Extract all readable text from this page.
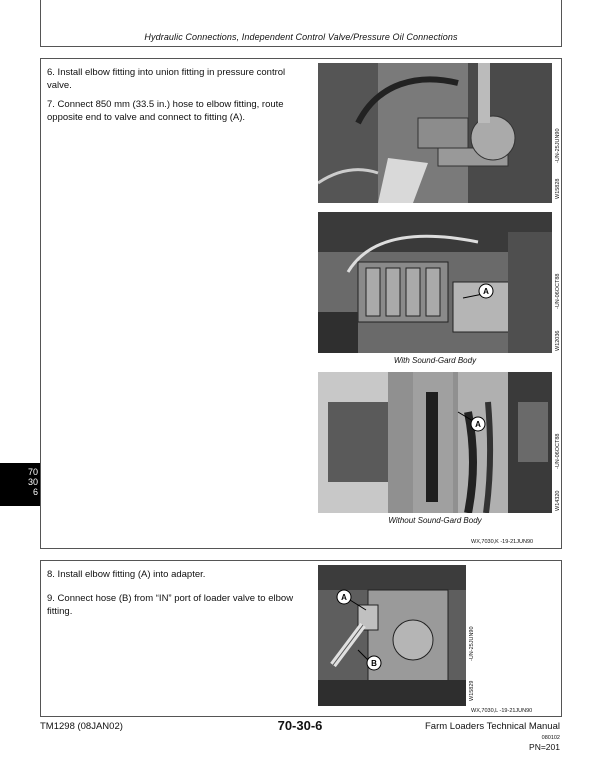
Hydraulic Connections, Independent Control Valve/Pressure Oil Connections
6. Install elbow fitting into union fitting in pressure control valve.
7. Connect 850 mm (33.5 in.) hose to elbow fitting, route opposite end to valve and connect to fitting (A).
W15828
-UN-25JUN90
A
With Sound-Gard Body
W12036
-UN-06OCT88
A
Without Sound-Gard Body
W14320
-UN-06OCT88
WX,7030,K -19-21JUN90
8. Install elbow fitting (A) into adapter.
9. Connect hose (B) from “IN” port of loader valve to elbow fitting.
A
B
W15829
-UN-25JUN90
WX,7030,L -19-21JUN90
70
30
6
TM1298 (08JAN02)	70-30-6	Farm Loaders Technical Manual
080102
PN=201
